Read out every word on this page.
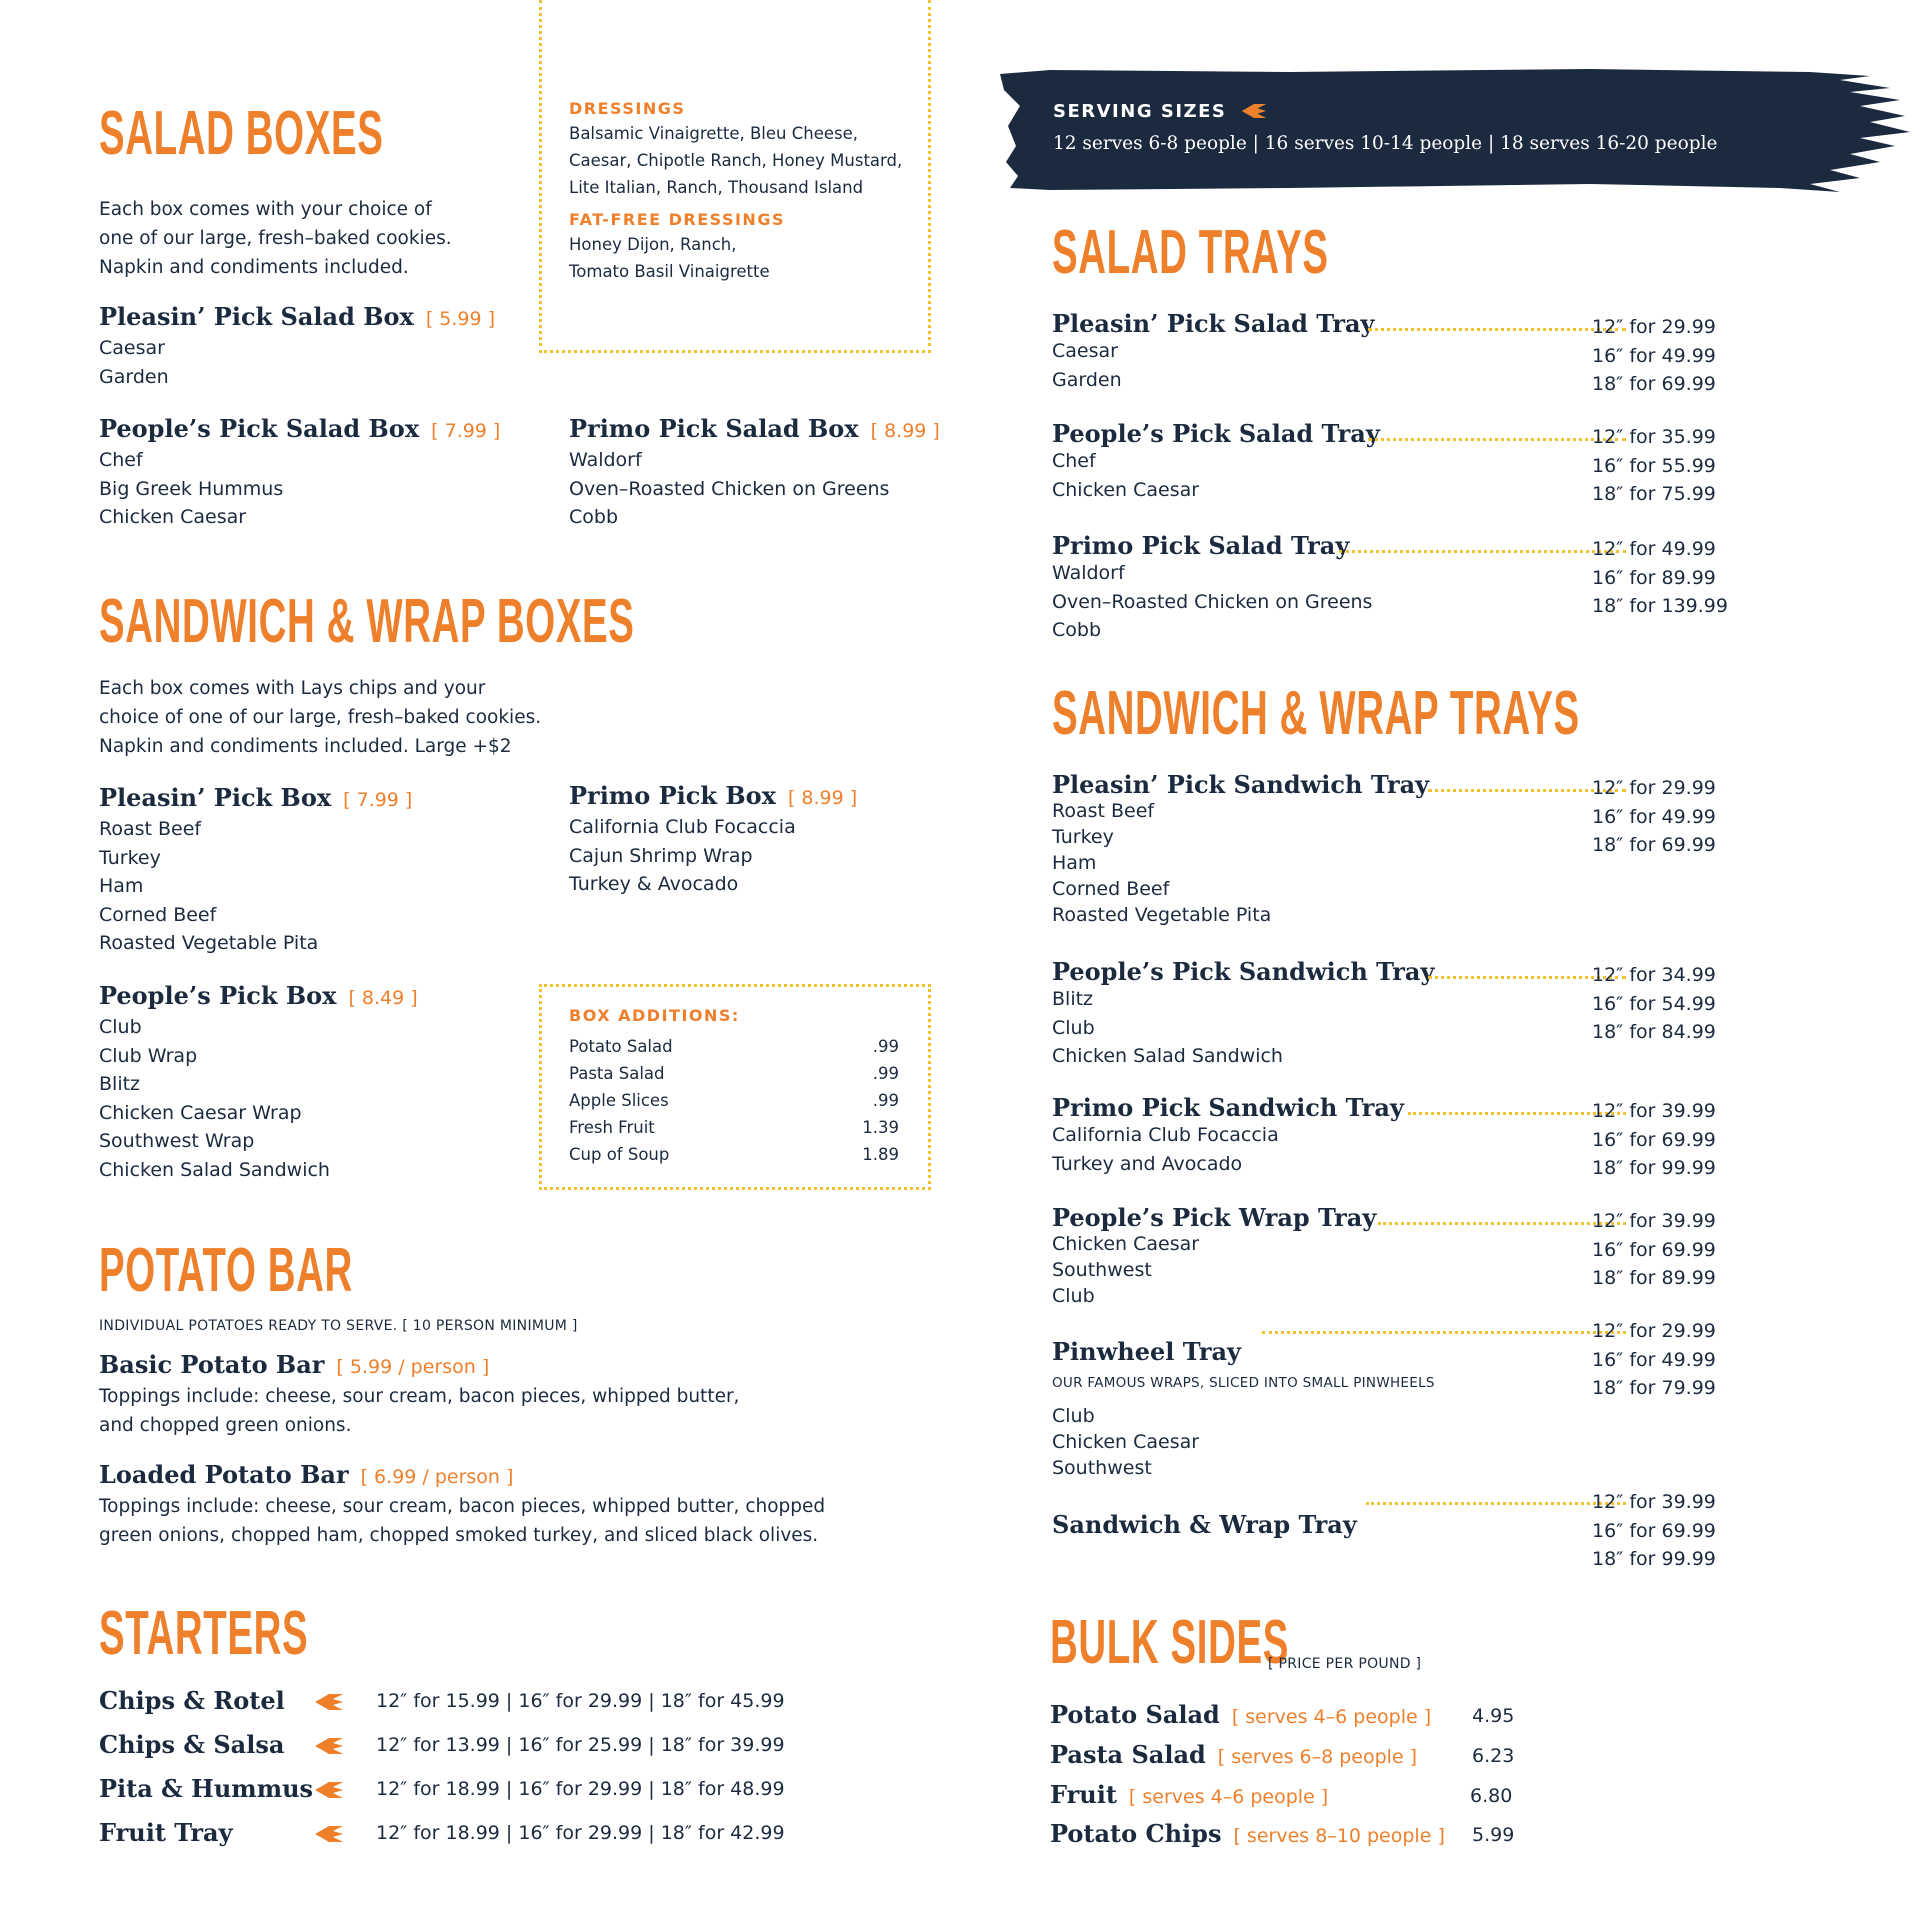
SALAD BOXES
Each box comes with your choice of
one of our large, fresh–baked cookies.
Napkin and condiments included.
Pleasin’ Pick Salad Box [ 5.99 ]
Caesar
Garden
People’s Pick Salad Box [ 7.99 ]
Chef
Big Greek Hummus
Chicken Caesar
Primo Pick Salad Box [ 8.99 ]
Waldorf
Oven–Roasted Chicken on Greens
Cobb
DRESSINGS
Balsamic Vinaigrette, Bleu Cheese,
Caesar, Chipotle Ranch, Honey Mustard,
Lite Italian, Ranch, Thousand Island
FAT-FREE DRESSINGS
Honey Dijon, Ranch,
Tomato Basil Vinaigrette
SANDWICH & WRAP BOXES
Each box comes with Lays chips and your
choice of one of our large, fresh–baked cookies.
Napkin and condiments included. Large +$2
Pleasin’ Pick Box [ 7.99 ]
Roast Beef
Turkey
Ham
Corned Beef
Roasted Vegetable Pita
Primo Pick Box [ 8.99 ]
California Club Focaccia
Cajun Shrimp Wrap
Turkey & Avocado
People’s Pick Box [ 8.49 ]
Club
Club Wrap
Blitz
Chicken Caesar Wrap
Southwest Wrap
Chicken Salad Sandwich
BOX ADDITIONS:
Potato Salad	.99
Pasta Salad	.99
Apple Slices	.99
Fresh Fruit	1.39
Cup of Soup	1.89
POTATO BAR
INDIVIDUAL POTATOES READY TO SERVE. [ 10 PERSON MINIMUM ]
Basic Potato Bar [ 5.99 / person ]
Toppings include: cheese, sour cream, bacon pieces, whipped butter,
and chopped green onions.
Loaded Potato Bar [ 6.99 / person ]
Toppings include: cheese, sour cream, bacon pieces, whipped butter, chopped
green onions, chopped ham, chopped smoked turkey, and sliced black olives.
STARTERS
Chips & Rotel	12″ for 15.99 | 16″ for 29.99 | 18″ for 45.99
Chips & Salsa	12″ for 13.99 | 16″ for 25.99 | 18″ for 39.99
Pita & Hummus	12″ for 18.99 | 16″ for 29.99 | 18″ for 48.99
Fruit Tray	12″ for 18.99 | 16″ for 29.99 | 18″ for 42.99
SERVING SIZES
12 serves 6-8 people | 16 serves 10-14 people | 18 serves 16-20 people
SALAD TRAYS
Pleasin’ Pick Salad Tray
Caesar
Garden
12″ for 29.99
16″ for 49.99
18″ for 69.99
People’s Pick Salad Tray
Chef
Chicken Caesar
12″ for 35.99
16″ for 55.99
18″ for 75.99
Primo Pick Salad Tray
Waldorf
Oven–Roasted Chicken on Greens
Cobb
12″ for 49.99
16″ for 89.99
18″ for 139.99
SANDWICH & WRAP TRAYS
Pleasin’ Pick Sandwich Tray
Roast Beef
Turkey
Ham
Corned Beef
Roasted Vegetable Pita
12″ for 29.99
16″ for 49.99
18″ for 69.99
People’s Pick Sandwich Tray
Blitz
Club
Chicken Salad Sandwich
12″ for 34.99
16″ for 54.99
18″ for 84.99
Primo Pick Sandwich Tray
California Club Focaccia
Turkey and Avocado
12″ for 39.99
16″ for 69.99
18″ for 99.99
People’s Pick Wrap Tray
Chicken Caesar
Southwest
Club
12″ for 39.99
16″ for 69.99
18″ for 89.99
Pinwheel Tray
OUR FAMOUS WRAPS, SLICED INTO SMALL PINWHEELS
Club
Chicken Caesar
Southwest
12″ for 29.99
16″ for 49.99
18″ for 79.99
Sandwich & Wrap Tray
12″ for 39.99
16″ for 69.99
18″ for 99.99
BULK SIDES
[ PRICE PER POUND ]
Potato Salad [ serves 4–6 people ] 4.95
Pasta Salad [ serves 6–8 people ]	6.23
Fruit [ serves 4–6 people ]	6.80
Potato Chips [ serves 8–10 people ] 5.99
